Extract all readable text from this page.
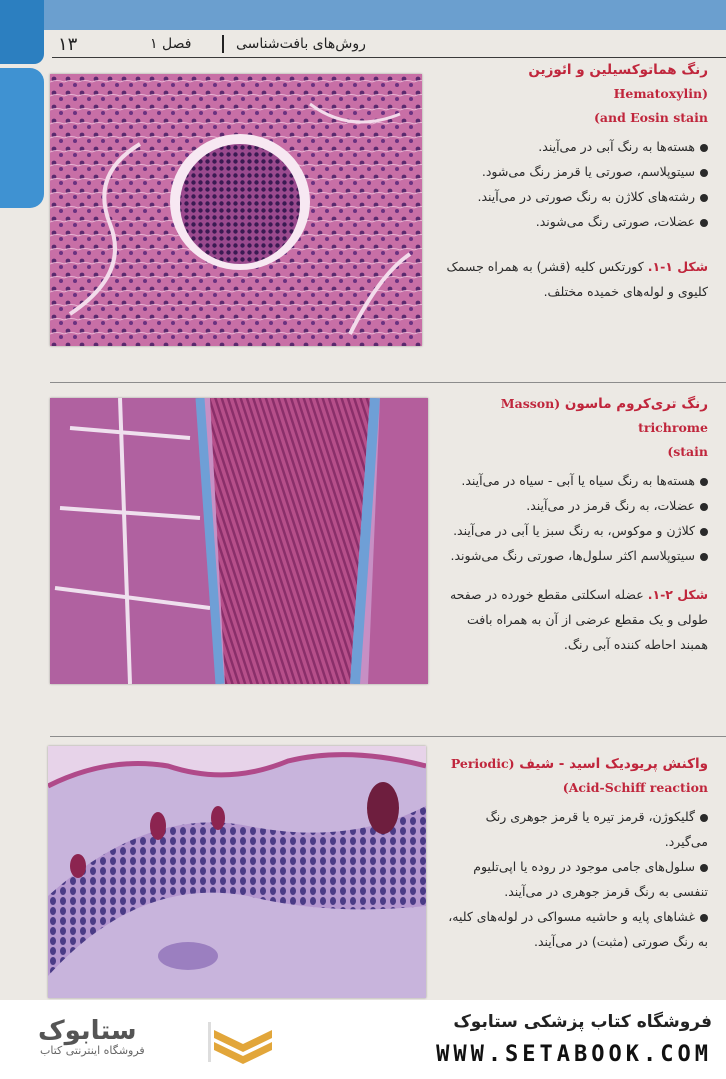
۱۳	فصل ۱	روش‌های بافت‌شناسی
رنگ هماتوکسیلین و ائوزین (Hematoxylin
and Eosin stain)
هسته‌ها به رنگ آبی در می‌آیند.
سیتوپلاسم، صورتی یا قرمز رنگ می‌شود.
رشته‌های کلاژن به رنگ صورتی در می‌آیند.
عضلات، صورتی رنگ می‌شوند.
شکل ۱-۱. کورتکس کلیه (قشر) به همراه جسمک کلیوی و لوله‌های خمیده مختلف.
رنگ تری‌کروم ماسون (Masson trichrome
stain)
هسته‌ها به رنگ سیاه یا آبی - سیاه در می‌آیند.
عضلات، به رنگ قرمز در می‌آیند.
کلاژن و موکوس، به رنگ سبز یا آبی در می‌آیند.
سیتوپلاسم اکثر سلول‌ها، صورتی رنگ می‌شوند.
شکل ۲-۱. عضله اسکلتی مقطع خورده در صفحه طولی و یک مقطع عرضی از آن به همراه بافت همبند احاطه کننده آبی رنگ.
واکنش پریودیک اسید - شیف (Periodic
Acid-Schiff reaction)
گلیکوژن، قرمز تیره یا قرمز جوهری رنگ می‌گیرد.
سلول‌های جامی موجود در روده یا اپی‌تلیوم تنفسی به رنگ قرمز جوهری در می‌آیند.
غشاهای پایه و حاشیه مسواکی در لوله‌های کلیه، به رنگ صورتی (مثبت) در می‌آیند.
ستابوک
فروشگاه اینترنتی کتاب
فروشگاه کتاب پزشکی ستابوک
WWW.SETABOOK.COM
